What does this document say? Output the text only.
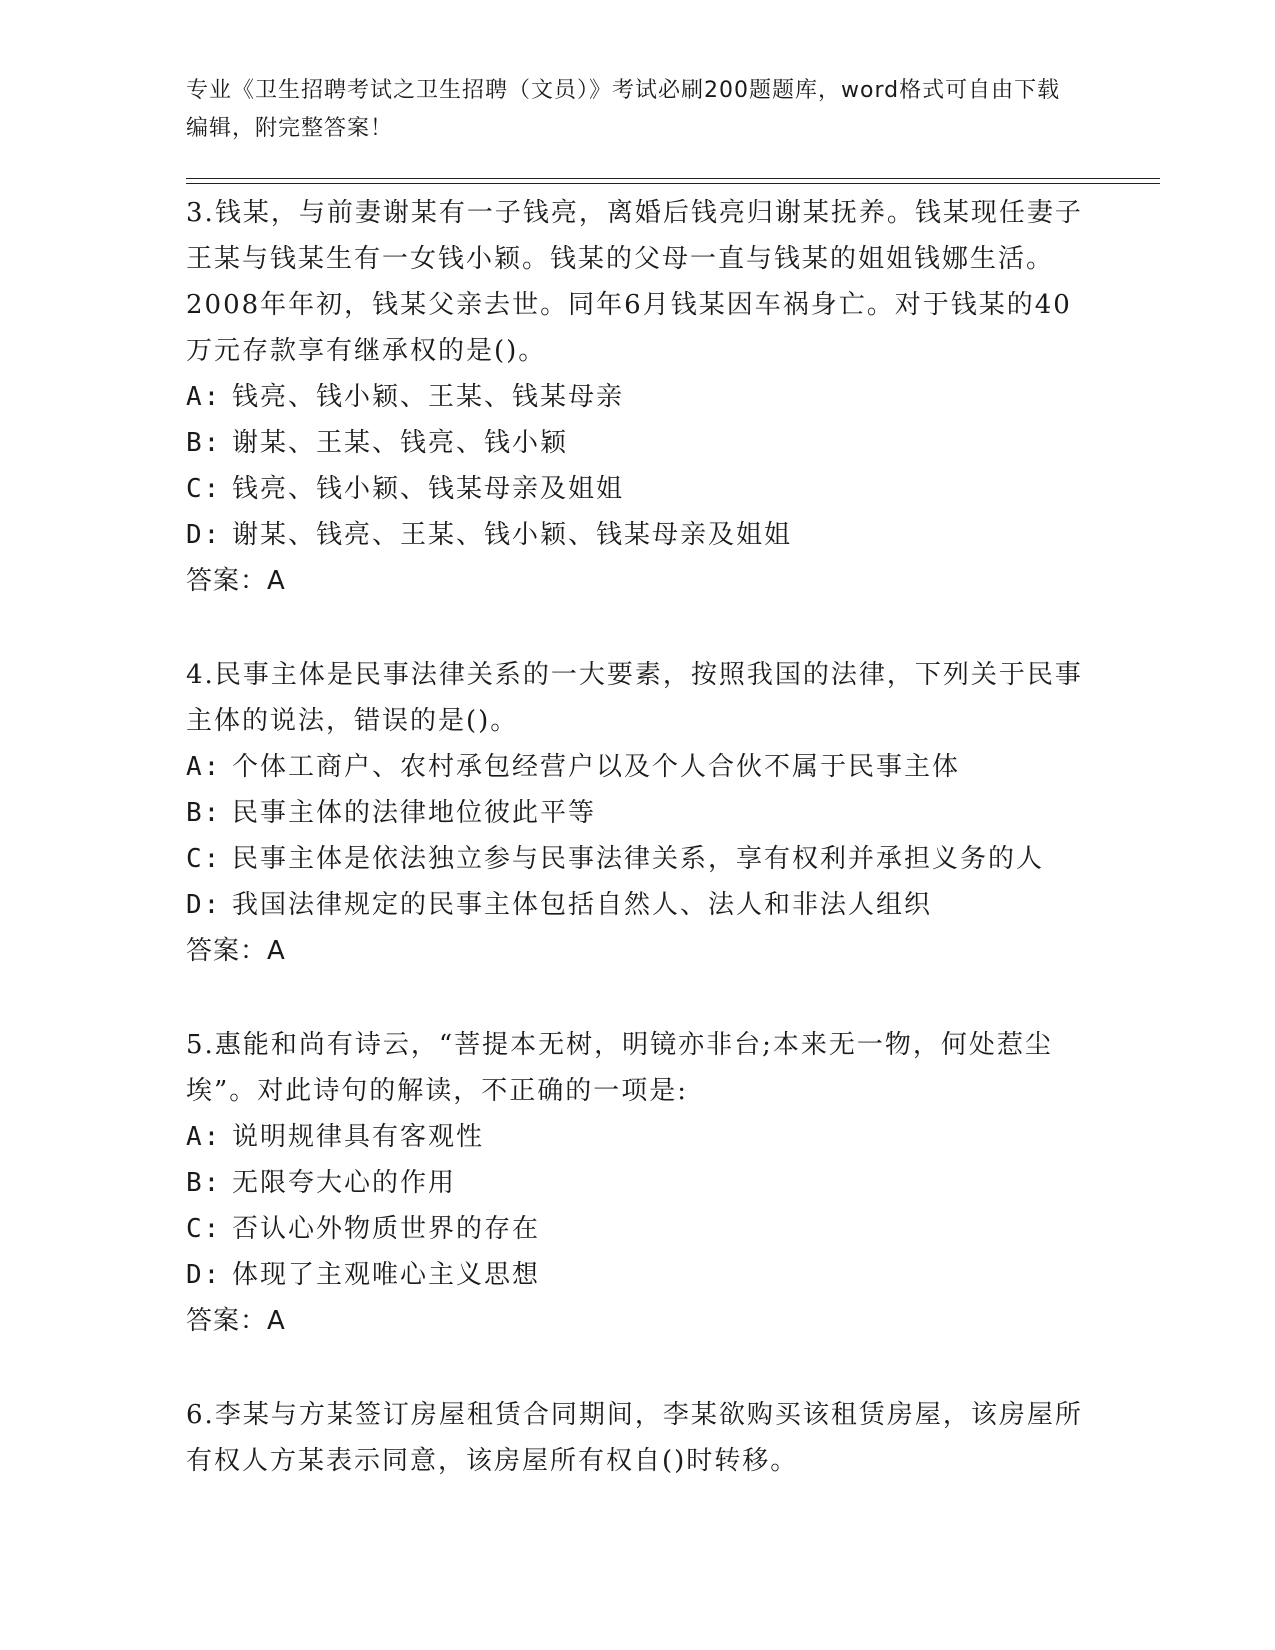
专业《卫生招聘考试之卫生招聘（文员）》考试必刷200题题库，word格式可自由下载编辑，附完整答案！

3.钱某，与前妻谢某有一子钱亮，离婚后钱亮归谢某抚养。钱某现任妻子王某与钱某生有一女钱小颖。钱某的父母一直与钱某的姐姐钱娜生活。2008年年初，钱某父亲去世。同年6月钱某因车祸身亡。对于钱某的40万元存款享有继承权的是()。

A: 钱亮、钱小颖、王某、钱某母亲
B: 谢某、王某、钱亮、钱小颖
C: 钱亮、钱小颖、钱某母亲及姐姐
D: 谢某、钱亮、王某、钱小颖、钱某母亲及姐姐
答案：A

4.民事主体是民事法律关系的一大要素，按照我国的法律，下列关于民事主体的说法，错误的是()。

A: 个体工商户、农村承包经营户以及个人合伙不属于民事主体
B: 民事主体的法律地位彼此平等
C: 民事主体是依法独立参与民事法律关系，享有权利并承担义务的人
D: 我国法律规定的民事主体包括自然人、法人和非法人组织
答案：A

5.惠能和尚有诗云，“菩提本无树，明镜亦非台;本来无一物，何处惹尘埃”。对此诗句的解读，不正确的一项是:

A: 说明规律具有客观性
B: 无限夸大心的作用
C: 否认心外物质世界的存在
D: 体现了主观唯心主义思想
答案：A

6.李某与方某签订房屋租赁合同期间，李某欲购买该租赁房屋，该房屋所有权人方某表示同意，该房屋所有权自()时转移。
